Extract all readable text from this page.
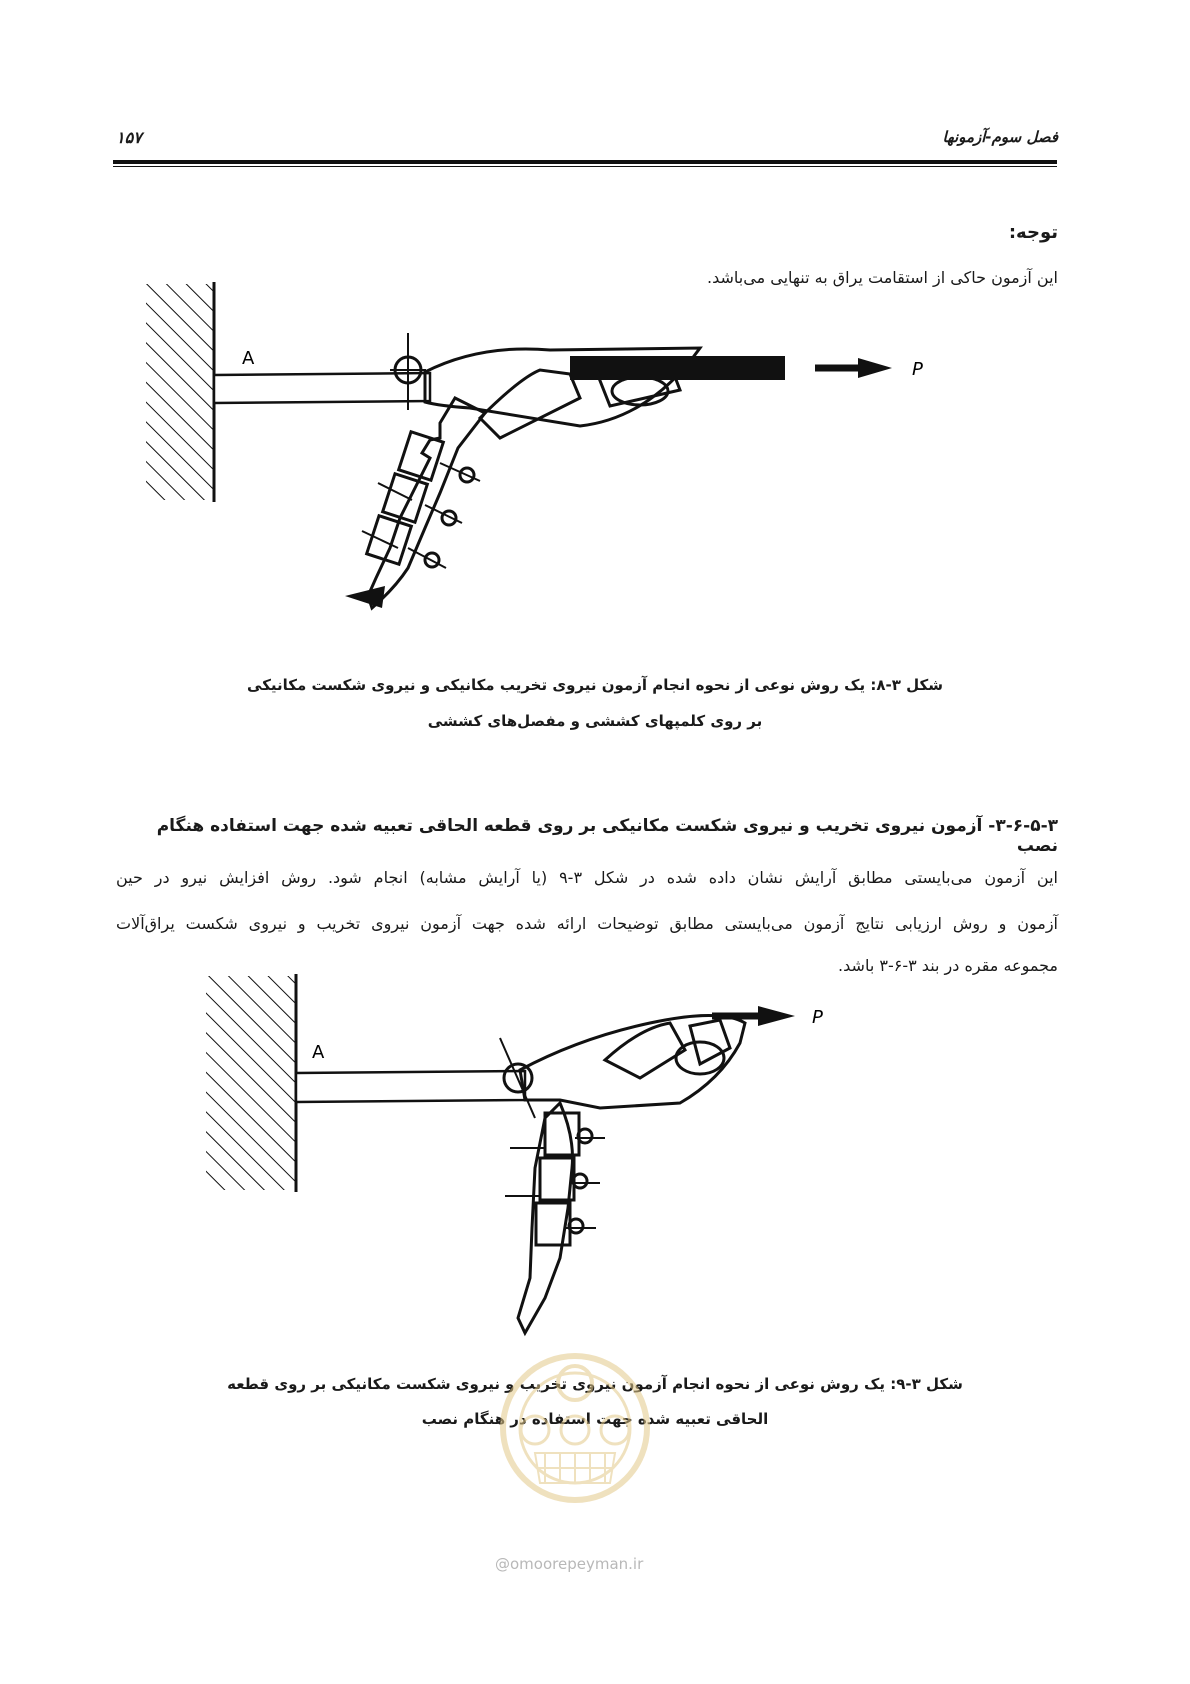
فصل سوم-آزمونها
۱۵۷
توجه:
این آزمون حاکی از استقامت یراق به تنهایی می‌باشد.
A
P
شکل ۳-۸: یک روش نوعی از نحوه انجام آزمون نیروی تخریب مکانیکی و نیروی شکست مکانیکی
بر روی کلمپهای کششی و مفصل‌های کششی
۳-۶-۵-۳- آزمون نیروی تخریب و نیروی شکست مکانیکی بر روی قطعه الحاقی تعبیه شده جهت استفاده هنگام نصب
این آزمون می‌بایستی مطابق آرایش نشان داده شده در شکل ۳-۹ (یا آرایش مشابه) انجام شود. روش افزایش نیرو در حین
آزمون و روش ارزیابی نتایج آزمون می‌بایستی مطابق توضیحات ارائه شده جهت آزمون نیروی تخریب و نیروی شکست یراق‌آلات
مجموعه مقره در بند ۳-۶-۳ باشد.
A
P
شکل ۳-۹: یک روش نوعی از نحوه انجام آزمون نیروی تخریب و نیروی شکست مکانیکی بر روی قطعه
الحاقی تعبیه شده جهت استفاده در هنگام نصب
@omoorepeyman.ir
